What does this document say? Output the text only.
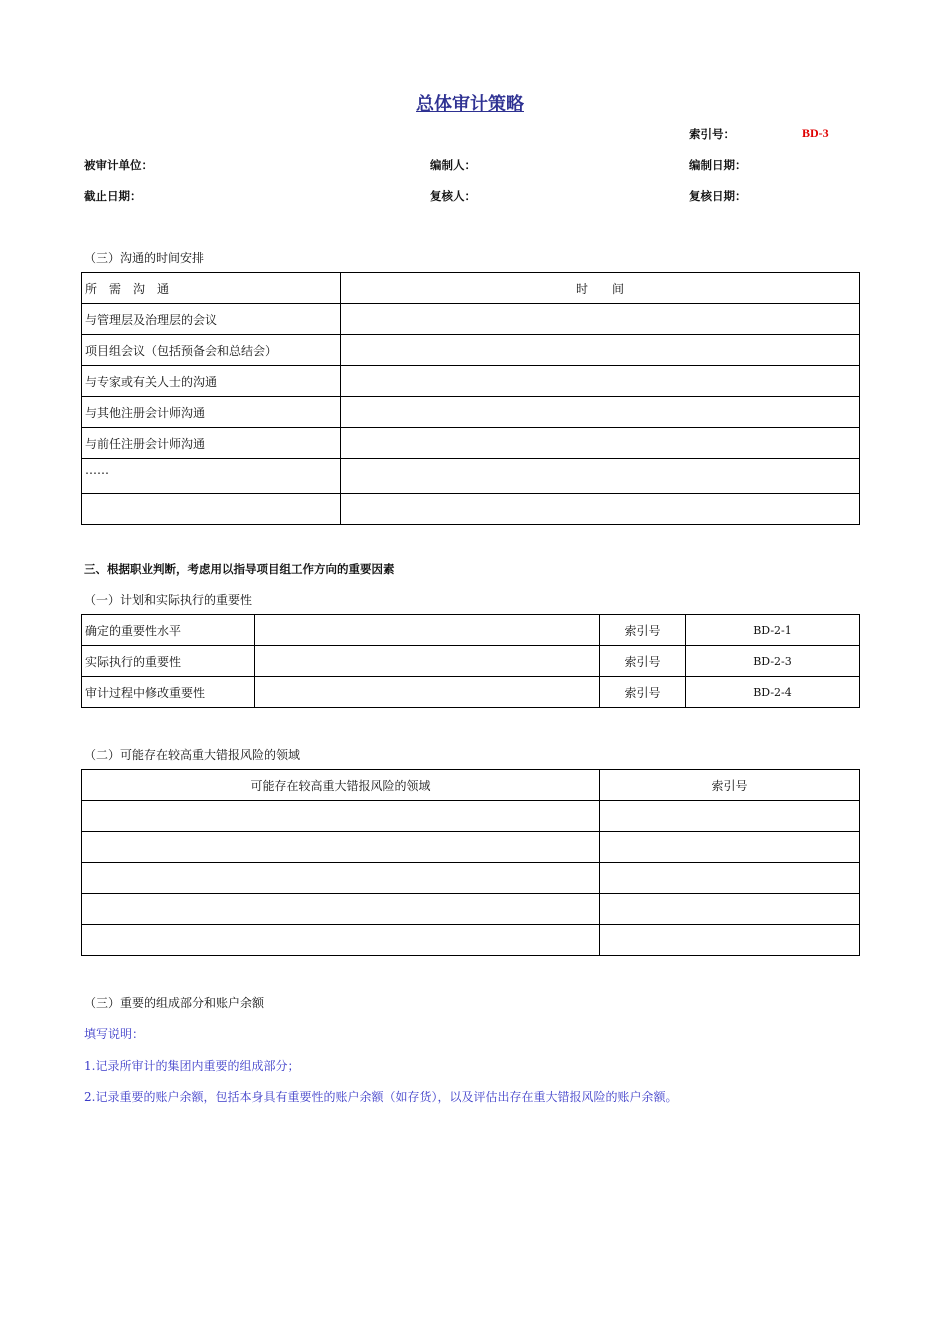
总体审计策略
索引号：	BD-3
被审计单位：	编制人：	编制日期：
截止日期：	复核人：	复核日期：
（三）沟通的时间安排
所　需　沟　通	时　　间
与管理层及治理层的会议	
项目组会议（包括预备会和总结会）	
与专家或有关人士的沟通	
与其他注册会计师沟通	
与前任注册会计师沟通	
……	

三、根据职业判断，考虑用以指导项目组工作方向的重要因素
（一）计划和实际执行的重要性
确定的重要性水平		索引号	BD-2-1
实际执行的重要性		索引号	BD-2-3
审计过程中修改重要性		索引号	BD-2-4
（二）可能存在较高重大错报风险的领域
可能存在较高重大错报风险的领域	索引号

（三）重要的组成部分和账户余额
填写说明：
1.记录所审计的集团内重要的组成部分；
2.记录重要的账户余额，包括本身具有重要性的账户余额（如存货），以及评估出存在重大错报风险的账户余额。
